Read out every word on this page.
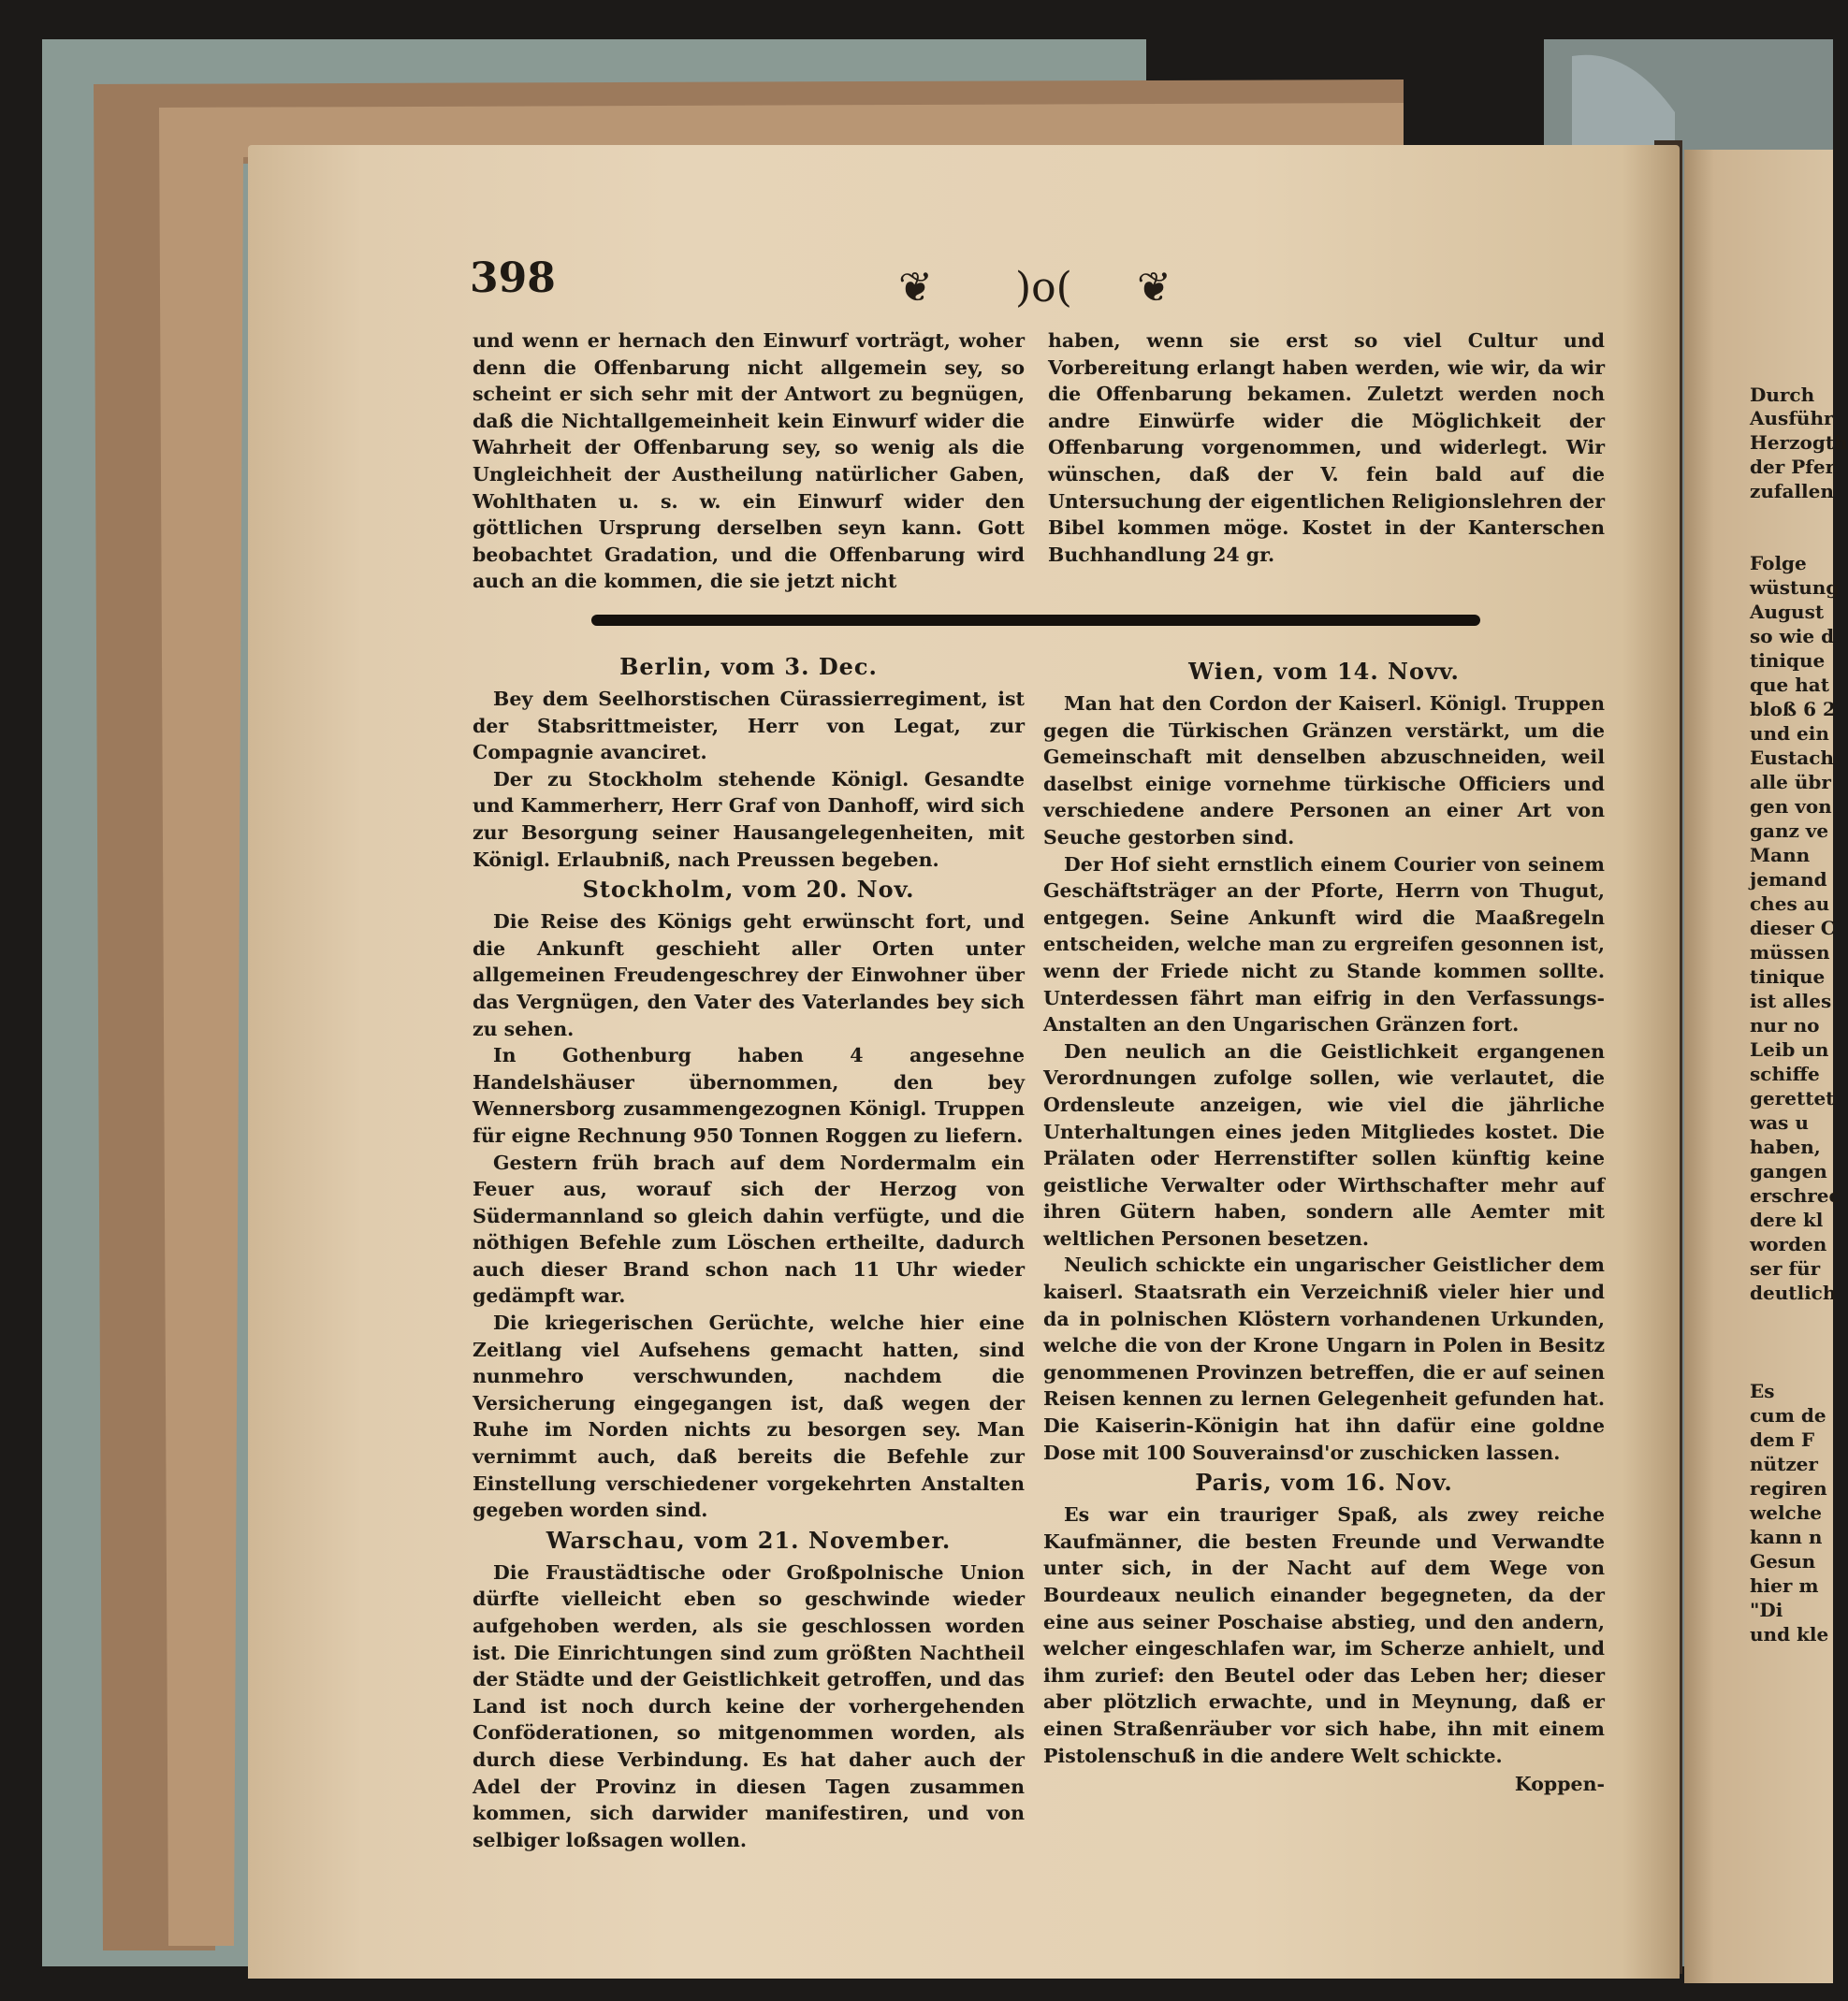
Durch
Ausführ
Herzogth
der Pfer
zufallen
Folge
wüstung
August
so wie d
tinique
que hat
bloß 6 2
und ein
Eustach
alle übr
gen von
ganz ve
Mann
jemand
ches au
dieser C
müssen
tinique
ist alles
nur no
Leib un
schiffe
gerettet
was u
haben,
gangen
erschrec
dere kl
worden
ser für
deutlich
Es
cum de
dem F
nützer
regiren
welche
kann n
Gesun
hier m
"Di
und kle
398	❦ )o( ❦

und wenn er hernach den Einwurf vorträgt, woher denn die Offenbarung nicht allgemein sey, so scheint er sich sehr mit der Antwort zu begnügen, daß die Nichtallgemeinheit kein Einwurf wider die Wahrheit der Offenbarung sey, so wenig als die Ungleichheit der Austheilung natürlicher Gaben, Wohlthaten u. s. w. ein Einwurf wider den göttlichen Ursprung derselben seyn kann. Gott beobachtet Gradation, und die Offenbarung wird auch an die kommen, die sie jetzt nicht

haben, wenn sie erst so viel Cultur und Vorbereitung erlangt haben werden, wie wir, da wir die Offenbarung bekamen. Zuletzt werden noch andre Einwürfe wider die Möglichkeit der Offenbarung vorgenommen, und widerlegt. Wir wünschen, daß der V. fein bald auf die Untersuchung der eigentlichen Religionslehren der Bibel kommen möge. Kostet in der Kanterschen Buchhandlung 24 gr.

Berlin, vom 3. Dec.

Bey dem Seelhorstischen Cürassierregiment, ist der Stabsrittmeister, Herr von Legat, zur Compagnie avanciret.

Der zu Stockholm stehende Königl. Gesandte und Kammerherr, Herr Graf von Danhoff, wird sich zur Besorgung seiner Hausangelegenheiten, mit Königl. Erlaubniß, nach Preussen begeben.

Stockholm, vom 20. Nov.

Die Reise des Königs geht erwünscht fort, und die Ankunft geschieht aller Orten unter allgemeinen Freudengeschrey der Einwohner über das Vergnügen, den Vater des Vaterlandes bey sich zu sehen.

In Gothenburg haben 4 angesehne Handelshäuser übernommen, den bey Wennersborg zusammengezognen Königl. Truppen für eigne Rechnung 950 Tonnen Roggen zu liefern.

Gestern früh brach auf dem Nordermalm ein Feuer aus, worauf sich der Herzog von Südermannland so gleich dahin verfügte, und die nöthigen Befehle zum Löschen ertheilte, dadurch auch dieser Brand schon nach 11 Uhr wieder gedämpft war.

Die kriegerischen Gerüchte, welche hier eine Zeitlang viel Aufsehens gemacht hatten, sind nunmehro verschwunden, nachdem die Versicherung eingegangen ist, daß wegen der Ruhe im Norden nichts zu besorgen sey. Man vernimmt auch, daß bereits die Befehle zur Einstellung verschiedener vorgekehrten Anstalten gegeben worden sind.

Warschau, vom 21. November.

Die Fraustädtische oder Großpolnische Union dürfte vielleicht eben so geschwinde wieder aufgehoben werden, als sie geschlossen worden ist. Die Einrichtungen sind zum größten Nachtheil der Städte und der Geistlichkeit getroffen, und das Land ist noch durch keine der vorhergehenden Conföderationen, so mitgenommen worden, als durch diese Verbindung. Es hat daher auch der Adel der Provinz in diesen Tagen zusammen kommen, sich darwider manifestiren, und von selbiger loßsagen wollen.

Wien, vom 14. Novv.

Man hat den Cordon der Kaiserl. Königl. Truppen gegen die Türkischen Gränzen verstärkt, um die Gemeinschaft mit denselben abzuschneiden, weil daselbst einige vornehme türkische Officiers und verschiedene andere Personen an einer Art von Seuche gestorben sind.

Der Hof sieht ernstlich einem Courier von seinem Geschäftsträger an der Pforte, Herrn von Thugut, entgegen. Seine Ankunft wird die Maaßregeln entscheiden, welche man zu ergreifen gesonnen ist, wenn der Friede nicht zu Stande kommen sollte. Unterdessen fährt man eifrig in den Verfassungs-Anstalten an den Ungarischen Gränzen fort.

Den neulich an die Geistlichkeit ergangenen Verordnungen zufolge sollen, wie verlautet, die Ordensleute anzeigen, wie viel die jährliche Unterhaltungen eines jeden Mitgliedes kostet. Die Prälaten oder Herrenstifter sollen künftig keine geistliche Verwalter oder Wirthschafter mehr auf ihren Gütern haben, sondern alle Aemter mit weltlichen Personen besetzen.

Neulich schickte ein ungarischer Geistlicher dem kaiserl. Staatsrath ein Verzeichniß vieler hier und da in polnischen Klöstern vorhandenen Urkunden, welche die von der Krone Ungarn in Polen in Besitz genommenen Provinzen betreffen, die er auf seinen Reisen kennen zu lernen Gelegenheit gefunden hat. Die Kaiserin-Königin hat ihn dafür eine goldne Dose mit 100 Souverainsd'or zuschicken lassen.

Paris, vom 16. Nov.

Es war ein trauriger Spaß, als zwey reiche Kaufmänner, die besten Freunde und Verwandte unter sich, in der Nacht auf dem Wege von Bourdeaux neulich einander begegneten, da der eine aus seiner Poschaise abstieg, und den andern, welcher eingeschlafen war, im Scherze anhielt, und ihm zurief: den Beutel oder das Leben her; dieser aber plötzlich erwachte, und in Meynung, daß er einen Straßenräuber vor sich habe, ihn mit einem Pistolenschuß in die andere Welt schickte.

Koppen-
